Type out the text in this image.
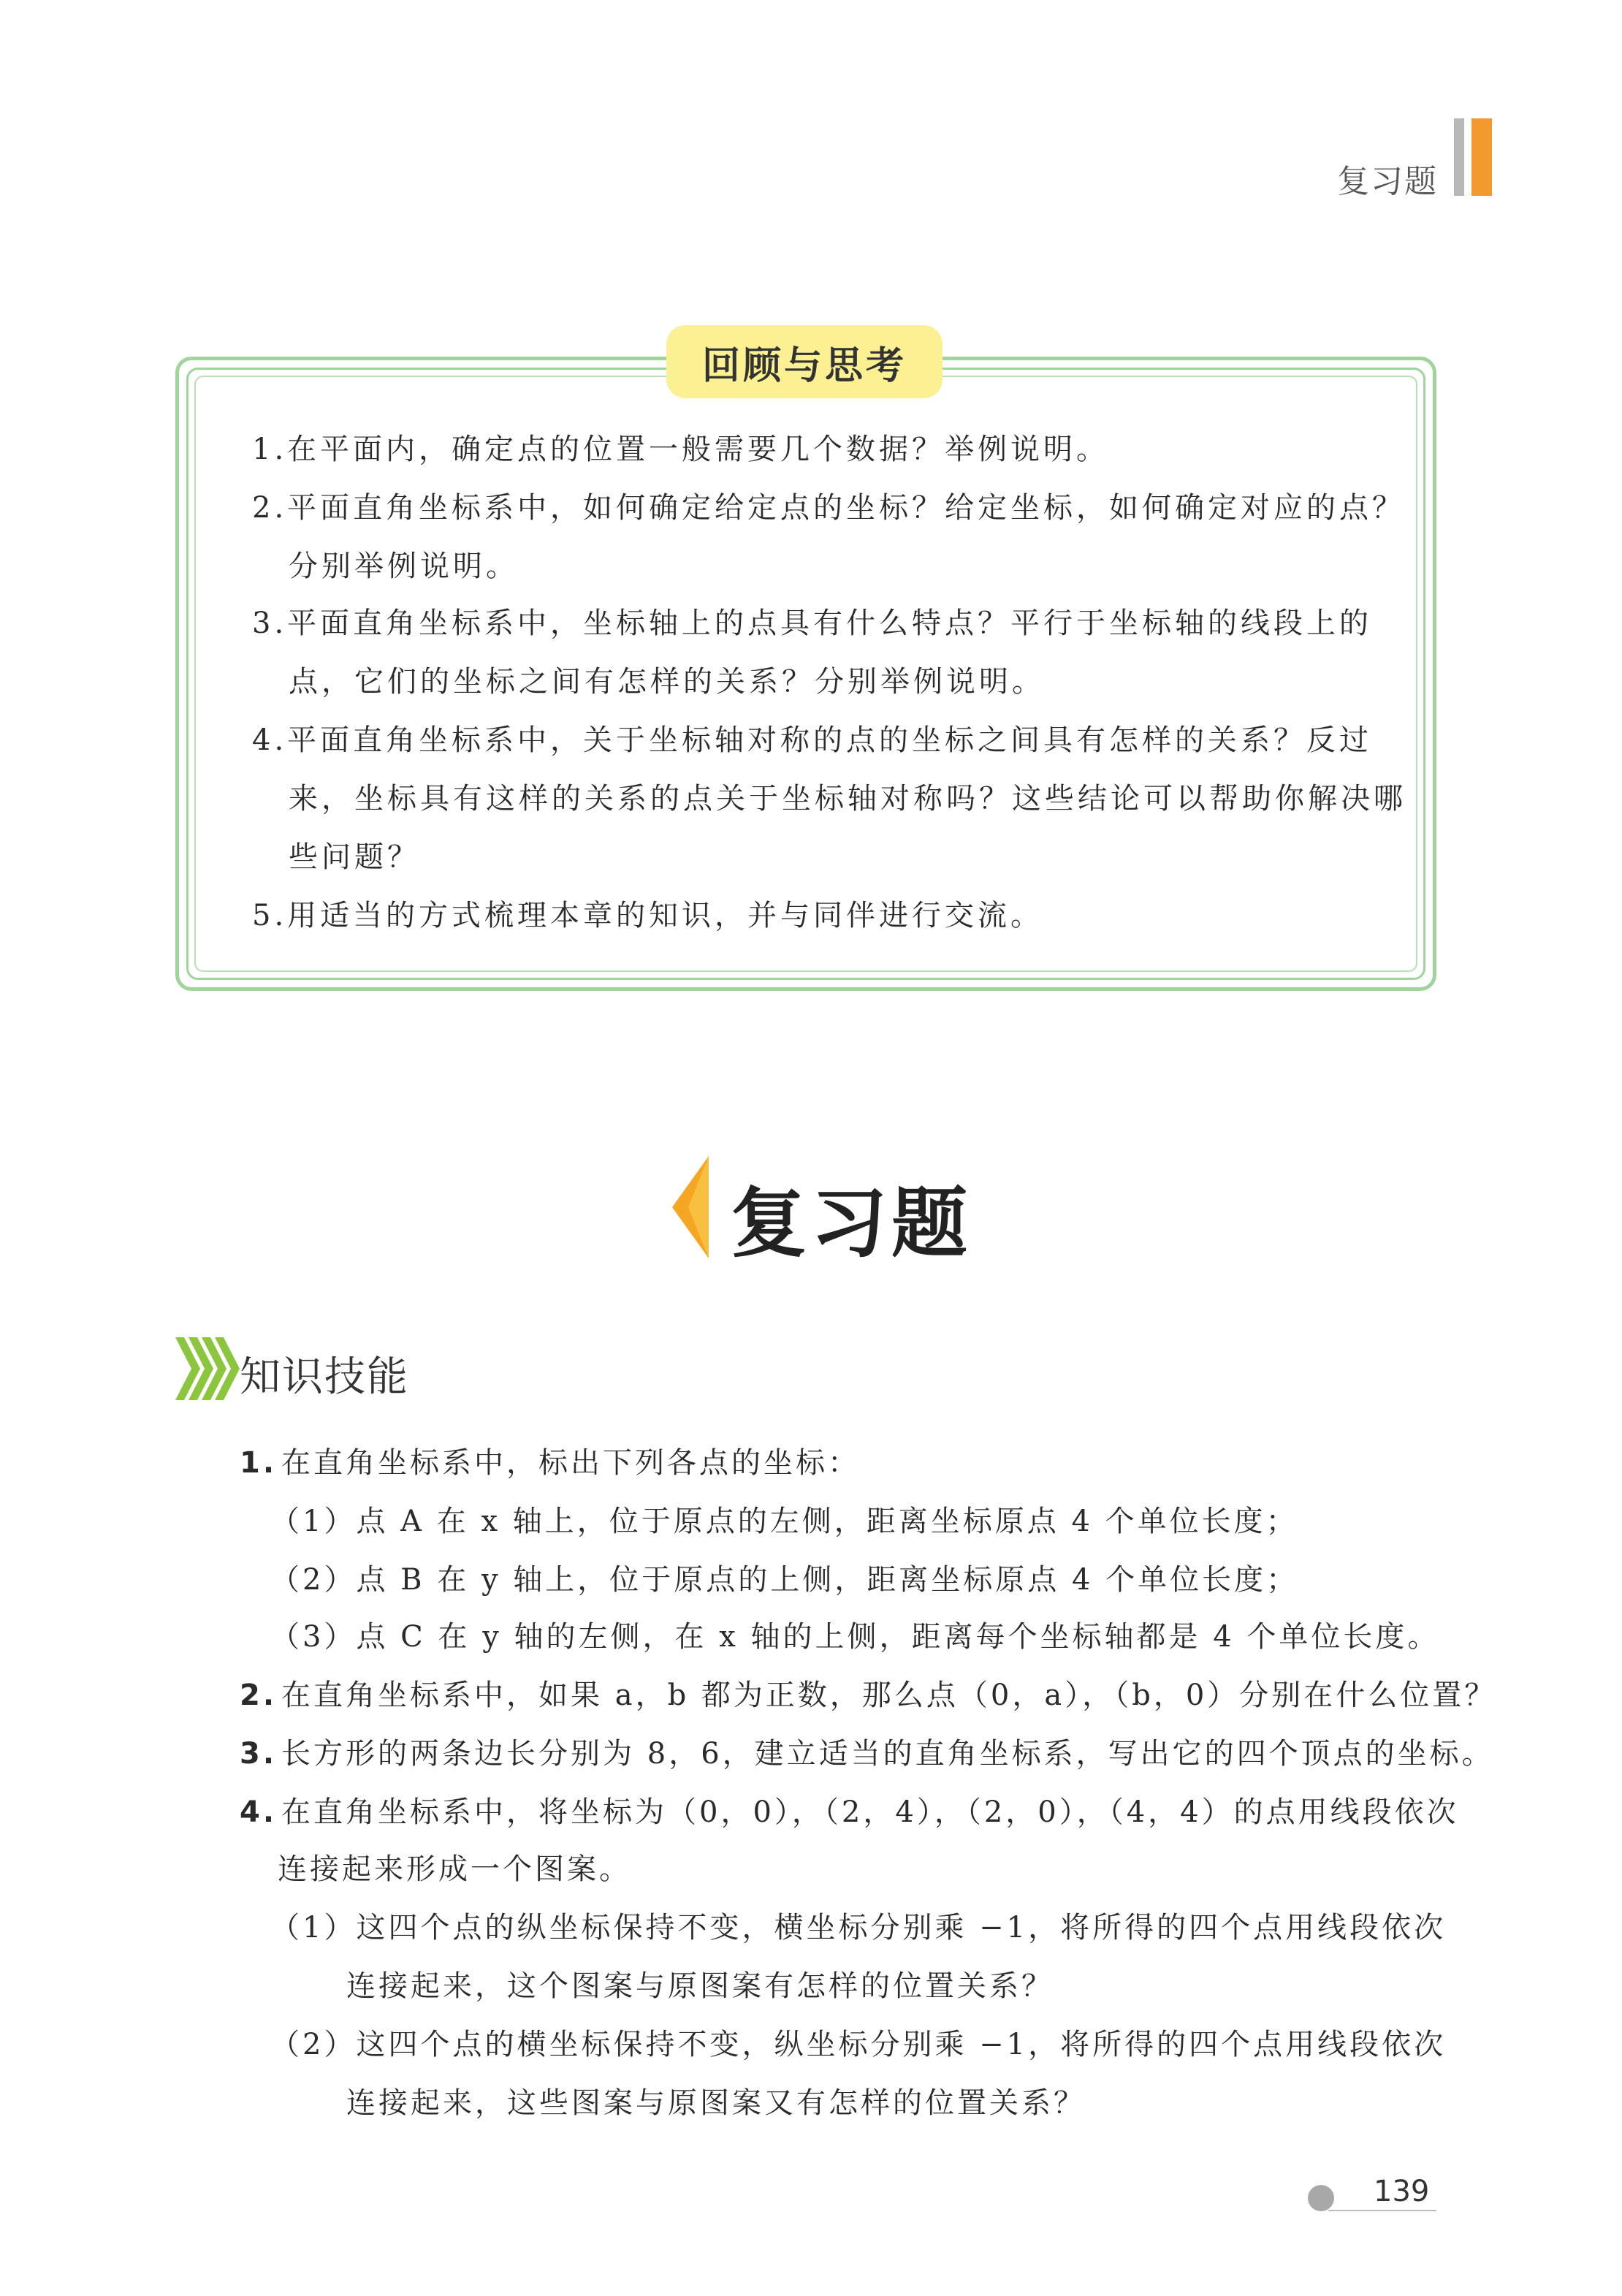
复习题
回顾与思考
1.在平面内，确定点的位置一般需要几个数据？举例说明。
2.平面直角坐标系中，如何确定给定点的坐标？给定坐标，如何确定对应的点？
分别举例说明。
3.平面直角坐标系中，坐标轴上的点具有什么特点？平行于坐标轴的线段上的
点，它们的坐标之间有怎样的关系？分别举例说明。
4.平面直角坐标系中，关于坐标轴对称的点的坐标之间具有怎样的关系？反过
来，坐标具有这样的关系的点关于坐标轴对称吗？这些结论可以帮助你解决哪
些问题？
5.用适当的方式梳理本章的知识，并与同伴进行交流。
复习题
知识技能
1. 在直角坐标系中，标出下列各点的坐标：
（1）点 A 在 x 轴上，位于原点的左侧，距离坐标原点 4 个单位长度；
（2）点 B 在 y 轴上，位于原点的上侧，距离坐标原点 4 个单位长度；
（3）点 C 在 y 轴的左侧，在 x 轴的上侧，距离每个坐标轴都是 4 个单位长度。
2. 在直角坐标系中，如果 a，b 都为正数，那么点（0，a），（b，0）分别在什么位置？
3. 长方形的两条边长分别为 8，6，建立适当的直角坐标系，写出它的四个顶点的坐标。
4. 在直角坐标系中，将坐标为（0，0），（2，4），（2，0），（4，4）的点用线段依次
连接起来形成一个图案。
（1）这四个点的纵坐标保持不变，横坐标分别乘 −1，将所得的四个点用线段依次
连接起来，这个图案与原图案有怎样的位置关系？
（2）这四个点的横坐标保持不变，纵坐标分别乘 −1，将所得的四个点用线段依次
连接起来，这些图案与原图案又有怎样的位置关系？
139
